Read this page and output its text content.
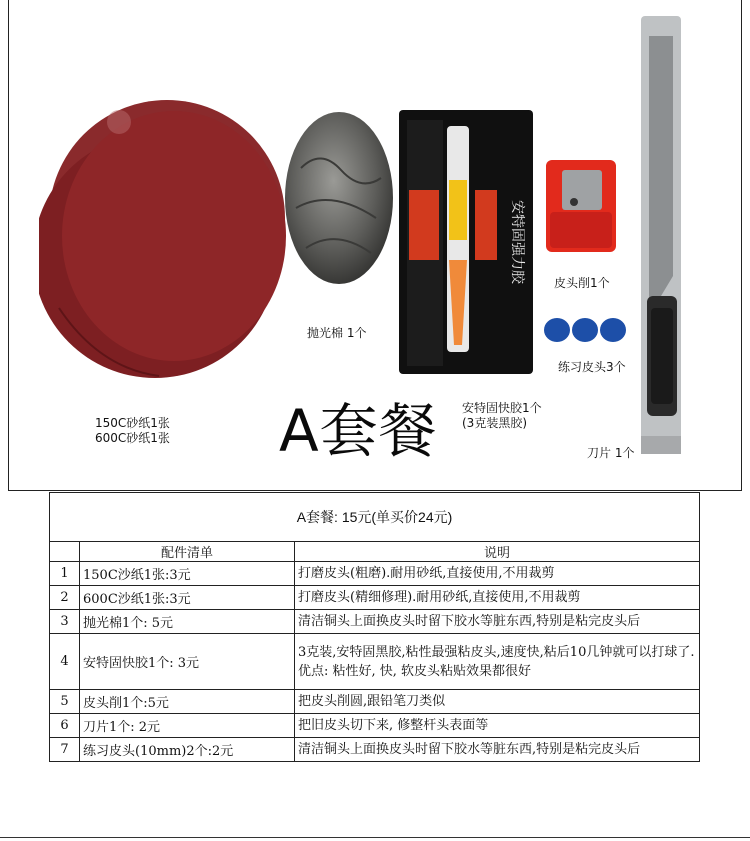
150C砂纸1张
600C砂纸1张
抛光棉 1个
安特固强力胶
安特固快胶1个
(3克装黑胶)
皮头削1个
练习皮头3个
刀片 1个
A套餐
A套餐: 15元(单买价24元)		
	配件清单	说明
1	150C沙纸1张:3元	打磨皮头(粗磨).耐用砂纸,直接使用,不用裁剪
2	600C沙纸1张:3元	打磨皮头(精细修理).耐用砂纸,直接使用,不用裁剪
3	抛光棉1个: 5元	清洁铜头上面换皮头时留下胶水等脏东西,特别是粘完皮头后
4	安特固快胶1个: 3元	3克装,安特固黑胶,粘性最强粘皮头,速度快,粘后10几钟就可以打球了. 优点: 粘性好, 快, 软皮头粘贴效果都很好
5	皮头削1个:5元	把皮头削圆,跟铅笔刀类似
6	刀片1个: 2元	把旧皮头切下来, 修整杆头表面等
7	练习皮头(10mm)2个:2元	清洁铜头上面换皮头时留下胶水等脏东西,特别是粘完皮头后
